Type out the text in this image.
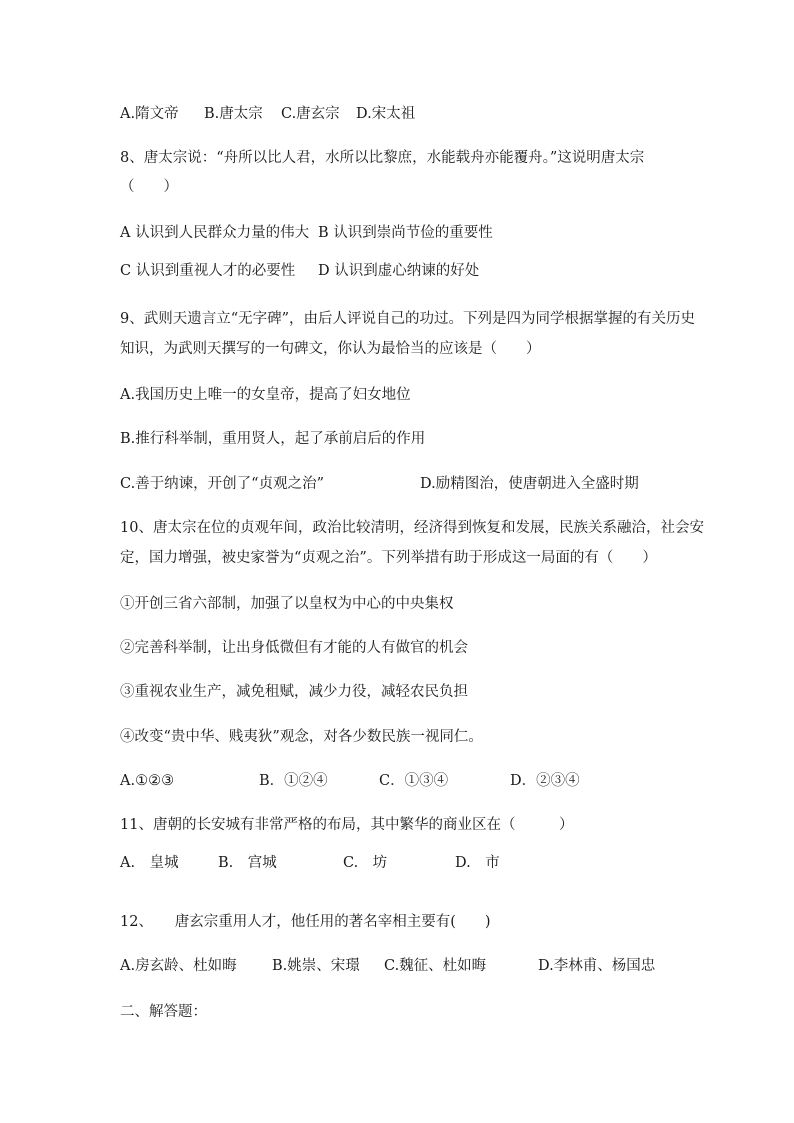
A.隋文帝 B.唐太宗 C.唐玄宗 D.宋太祖
8、唐太宗说：“舟所以比人君，水所以比黎庶，水能载舟亦能覆舟。”这说明唐太宗
（　　）
A 认识到人民群众力量的伟大 B 认识到崇尚节俭的重要性
C 认识到重视人才的必要性 D 认识到虚心纳谏的好处
9、武则天遗言立“无字碑”，由后人评说自己的功过。下列是四为同学根据掌握的有关历史
知识，为武则天撰写的一句碑文，你认为最恰当的应该是（　　）
A.我国历史上唯一的女皇帝，提高了妇女地位
B.推行科举制，重用贤人，起了承前启后的作用
C.善于纳谏，开创了“贞观之治”	D.励精图治，使唐朝进入全盛时期
10、唐太宗在位的贞观年间，政治比较清明，经济得到恢复和发展，民族关系融洽，社会安
定，国力增强，被史家誉为“贞观之治”。下列举措有助于形成这一局面的有（　　）
①开创三省六部制，加强了以皇权为中心的中央集权
②完善科举制，让出身低微但有才能的人有做官的机会
③重视农业生产，减免租赋，减少力役，减轻农民负担
④改变“贵中华、贱夷狄”观念，对各少数民族一视同仁。
A.①②③	B．①②④	C．①③④	D．②③④
11、唐朝的长安城有非常严格的布局，其中繁华的商业区在（　　　）
A.　皇城	B.　宫城	C.　坊	D.　市
12、　　唐玄宗重用人才，他任用的著名宰相主要有(　　)
A.房玄龄、杜如晦 B.姚崇、宋璟 C.魏征、杜如晦	D.李林甫、杨国忠
二、解答题：
